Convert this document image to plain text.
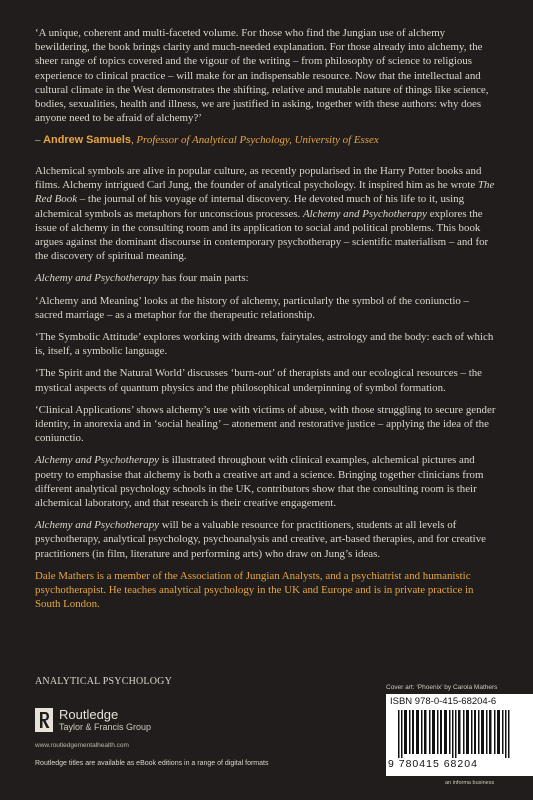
‘A unique, coherent and multi-faceted volume. For those who find the Jungian use of alchemy bewildering, the book brings clarity and much-needed explanation. For those already into alchemy, the sheer range of topics covered and the vigour of the writing – from philosophy of science to religious experience to clinical practice – will make for an indispensable resource. Now that the intellectual and cultural climate in the West demonstrates the shifting, relative and mutable nature of things like science, bodies, sexualities, health and illness, we are justified in asking, together with these authors: why does anyone need to be afraid of alchemy?’

– Andrew Samuels, Professor of Analytical Psychology, University of Essex

Alchemical symbols are alive in popular culture, as recently popularised in the Harry Potter books and films. Alchemy intrigued Carl Jung, the founder of analytical psychology. It inspired him as he wrote The Red Book – the journal of his voyage of internal discovery. He devoted much of his life to it, using alchemical symbols as metaphors for unconscious processes. Alchemy and Psychotherapy explores the issue of alchemy in the consulting room and its application to social and political problems. This book argues against the dominant discourse in contemporary psychotherapy – scientific materialism – and for the discovery of spiritual meaning.

Alchemy and Psychotherapy has four main parts:

‘Alchemy and Meaning’ looks at the history of alchemy, particularly the symbol of the coniunctio – sacred marriage – as a metaphor for the therapeutic relationship.

‘The Symbolic Attitude’ explores working with dreams, fairytales, astrology and the body: each of which is, itself, a symbolic language.

‘The Spirit and the Natural World’ discusses ‘burn-out’ of therapists and our ecological resources – the mystical aspects of quantum physics and the philosophical underpinning of symbol formation.

‘Clinical Applications’ shows alchemy’s use with victims of abuse, with those struggling to secure gender identity, in anorexia and in ‘social healing’ – atonement and restorative justice – applying the idea of the coniunctio.

Alchemy and Psychotherapy is illustrated throughout with clinical examples, alchemical pictures and poetry to emphasise that alchemy is both a creative art and a science. Bringing together clinicians from different analytical psychology schools in the UK, contributors show that the consulting room is their alchemical laboratory, and that research is their creative engagement.

Alchemy and Psychotherapy will be a valuable resource for practitioners, students at all levels of psychotherapy, analytical psychology, psychoanalysis and creative, art-based therapies, and for creative practitioners (in film, literature and performing arts) who draw on Jung’s ideas.

Dale Mathers is a member of the Association of Jungian Analysts, and a psychiatrist and humanistic psychotherapist. He teaches analytical psychology in the UK and Europe and is in private practice in South London.

ANALYTICAL PSYCHOLOGY
Routledge
Taylor & Francis Group
www.routledgementalhealth.com
Routledge titles are available as eBook editions in a range of digital formats
Cover art: ‘Phoenix’ by Carola Mathers
ISBN 978-0-415-68204-6
9 780415 68204
an informa business
